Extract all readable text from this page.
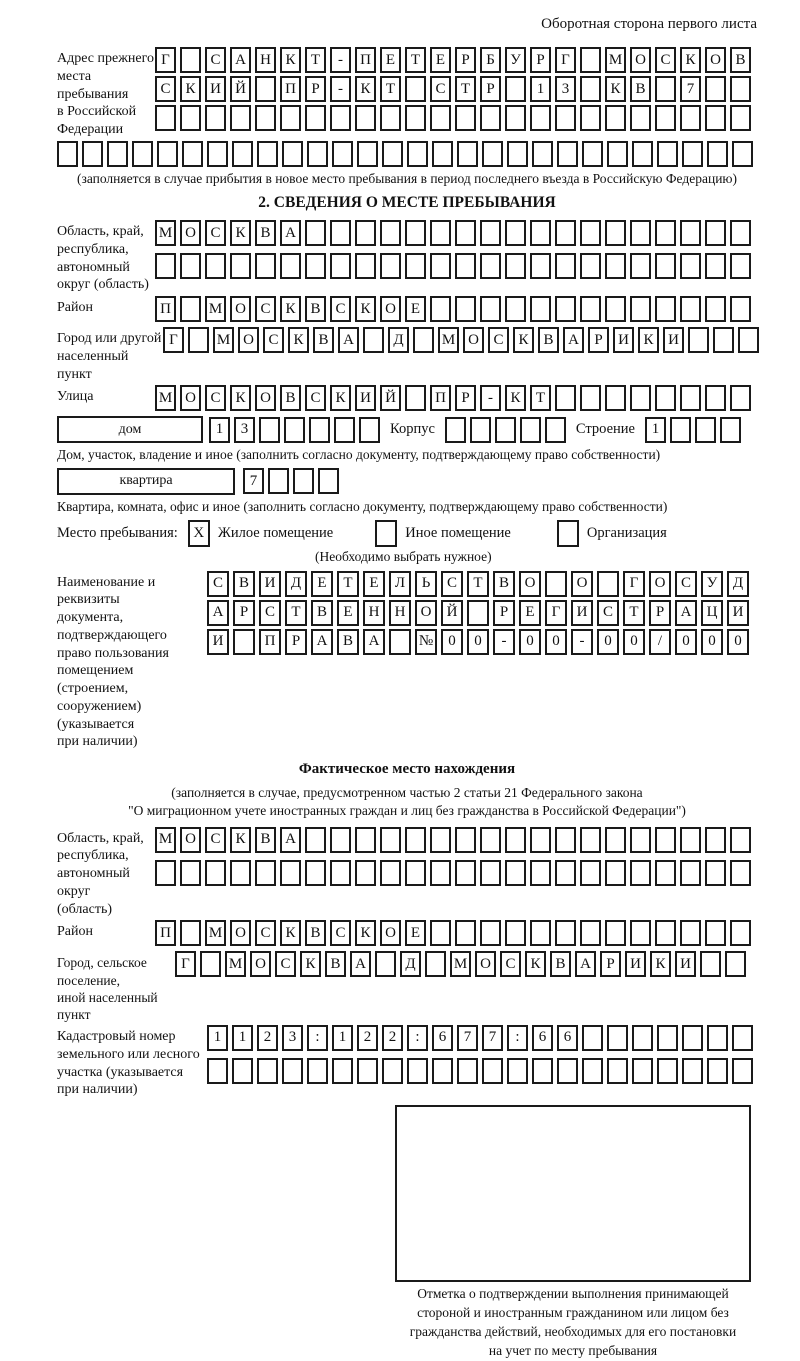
Оборотная сторона первого листа
Адрес прежнего
места пребывания
в Российской
Федерации
Г	С А Н К	Т	-	П Е	Т	Е	Р	Б	У	Р	Г	М О С К О В
С К И Й	П	Р	-	К	Т	С	Т	Р	1	3	К В	7
(заполняется в случае прибытия в новое место пребывания в период последнего въезда в Российскую Федерацию)
2. СВЕДЕНИЯ О МЕСТЕ ПРЕБЫВАНИЯ
Область, край,
республика,
автономный
округ (область)
М О С К В А
Район	П	М О С К В С К О Е
Город или другой
населенный пункт
Г	М О С К В А	Д	М О С К В А	Р	И К И
Улица	М О С К О В С К И Й	П	Р	-	К	Т
дом	1	3	Корпус	Строение	1
Дом, участок, владение и иное (заполнить согласно документу, подтверждающему право собственности)
квартира	7
Квартира, комната, офис и иное (заполнить согласно документу, подтверждающему право собственности)
Место пребывания:	X Жилое помещение	Иное помещение	Организация
(Необходимо выбрать нужное)
Наименование и реквизиты
документа, подтверждающего
право пользования
помещением (строением,
сооружением) (указывается
при наличии)
С	В	И	Д	Е	Т	Е	Л	Ь	С	Т	В	О	О	Г	О	С	У	Д
А	Р	С	Т	В	Е	Н	Н	О	Й	Р	Е	Г	И	С	Т	Р	А	Ц	И
И	П	Р	А	В	А	№	0	0	-	0	0	-	0	0	/	0	0	0
Фактическое место нахождения
(заполняется в случае, предусмотренном частью 2 статьи 21 Федерального закона
"О миграционном учете иностранных граждан и лиц без гражданства в Российской Федерации")
Область, край,
республика,
автономный округ
(область)
М О С К В А
Район	П	М О С К В С К О Е
Город, сельское поселение,
иной населенный пункт
Г	М О С К В А	Д	М О С К В А	Р	И К И
Кадастровый номер
земельного или лесного
участка (указывается
при наличии)
1	1	2	3	:	1	2	2	:	6	7	7	:	6	6
Отметка о подтверждении выполнения принимающей
стороной и иностранным гражданином или лицом без
гражданства действий, необходимых для его постановки
на учет по месту пребывания
